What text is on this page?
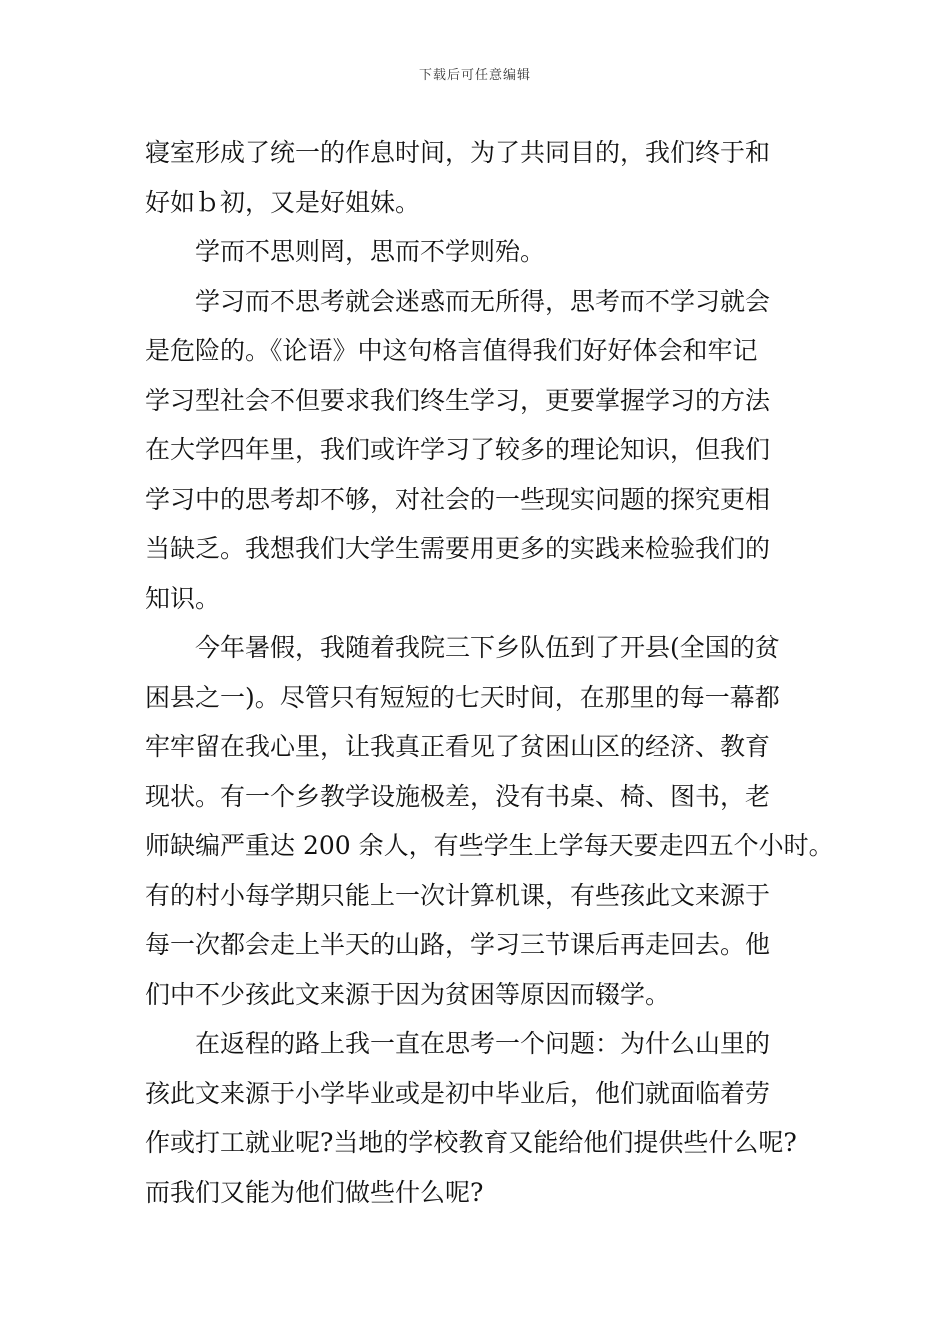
下载后可任意编辑
寝室形成了统一的作息时间，为了共同目的，我们终于和
好如ｂ初，又是好姐妹。
学而不思则罔，思而不学则殆。
学习而不思考就会迷惑而无所得，思考而不学习就会
是危险的。《论语》中这句格言值得我们好好体会和牢记
学习型社会不但要求我们终生学习，更要掌握学习的方法
在大学四年里，我们或许学习了较多的理论知识，但我们
学习中的思考却不够，对社会的一些现实问题的探究更相
当缺乏。我想我们大学生需要用更多的实践来检验我们的
知识。
今年暑假，我随着我院三下乡队伍到了开县(全国的贫
困县之一)。尽管只有短短的七天时间，在那里的每一幕都
牢牢留在我心里，让我真正看见了贫困山区的经济、教育
现状。有一个乡教学设施极差，没有书桌、椅、图书，老
师缺编严重达 200 余人，有些学生上学每天要走四五个小时。
有的村小每学期只能上一次计算机课，有些孩此文来源于
每一次都会走上半天的山路，学习三节课后再走回去。他
们中不少孩此文来源于因为贫困等原因而辍学。
在返程的路上我一直在思考一个问题：为什么山里的
孩此文来源于小学毕业或是初中毕业后，他们就面临着劳
作或打工就业呢?当地的学校教育又能给他们提供些什么呢?
而我们又能为他们做些什么呢?
